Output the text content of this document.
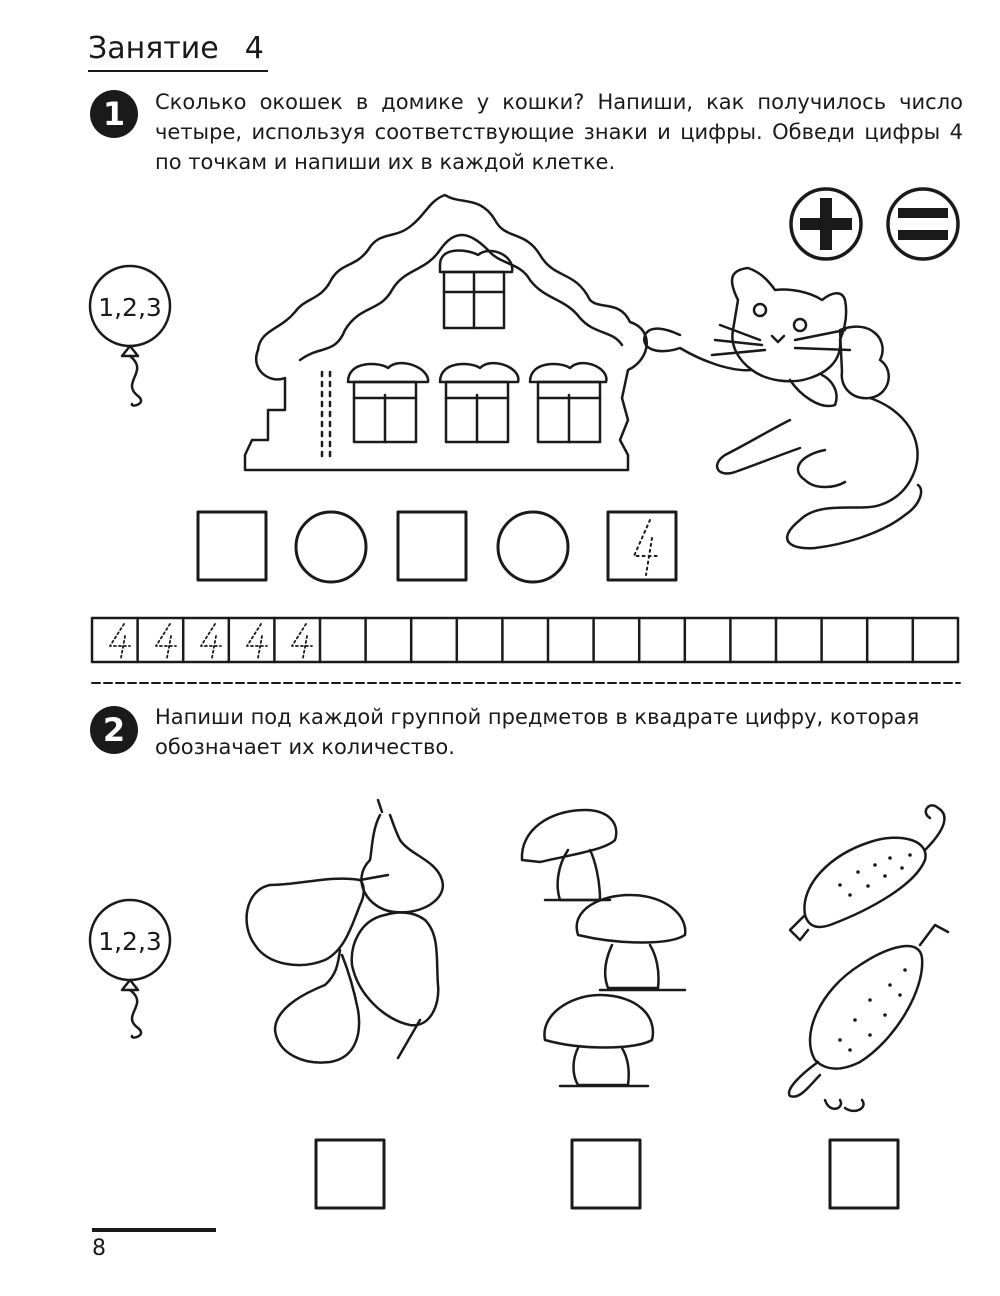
Занятие 4
1	Сколько окошек в домике у кошки? Напиши, как получилось число четыре, используя соответствующие знаки и цифры. Обведи цифры 4 по точкам и напиши их в каждой клетке.
1,2,3
1,2,3
2	Напиши под каждой группой предметов в квадрате цифру, которая обозначает их количество.
8
